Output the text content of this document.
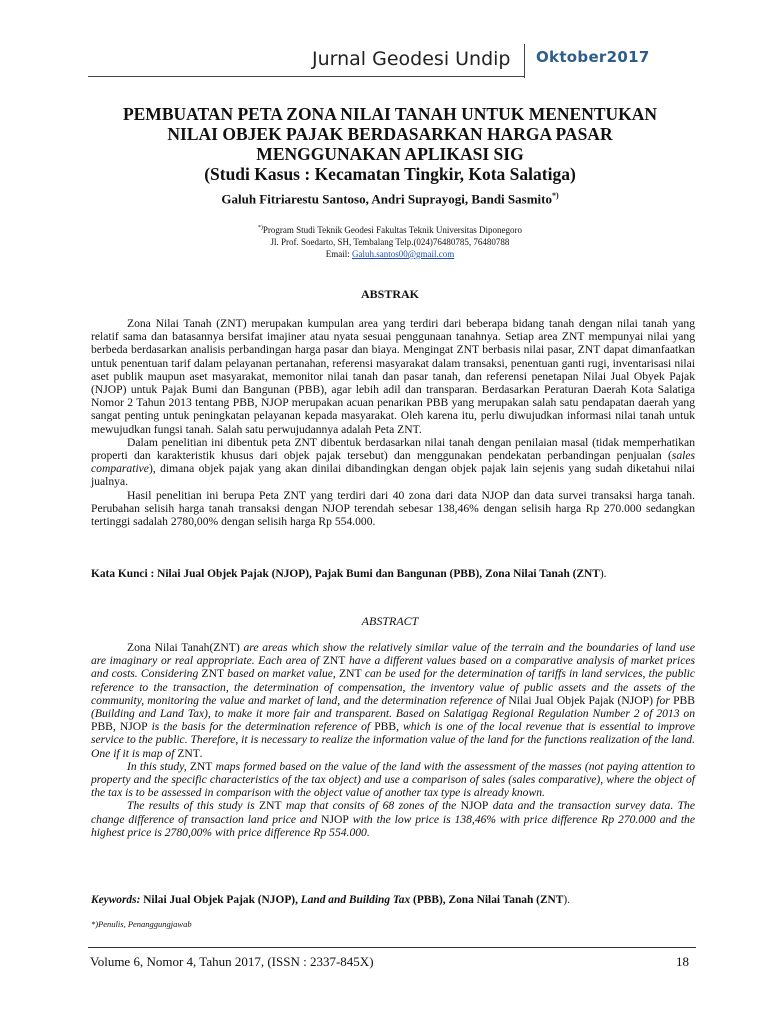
Jurnal Geodesi Undip Oktober2017
PEMBUATAN PETA ZONA NILAI TANAH UNTUK MENENTUKAN
NILAI OBJEK PAJAK BERDASARKAN HARGA PASAR
MENGGUNAKAN APLIKASI SIG
(Studi Kasus : Kecamatan Tingkir, Kota Salatiga)
Galuh Fitriarestu Santoso, Andri Suprayogi, Bandi Sasmito*)
*)Program Studi Teknik Geodesi Fakultas Teknik Universitas Diponegoro
Jl. Prof. Soedarto, SH, Tembalang Telp.(024)76480785, 76480788
Email: Galuh.santos00@gmail.com
ABSTRAK

Zona Nilai Tanah (ZNT) merupakan kumpulan area yang terdiri dari beberapa bidang tanah dengan nilai tanah yang relatif sama dan batasannya bersifat imajiner atau nyata sesuai penggunaan tanahnya. Setiap area ZNT mempunyai nilai yang berbeda berdasarkan analisis perbandingan harga pasar dan biaya. Mengingat ZNT berbasis nilai pasar, ZNT dapat dimanfaatkan untuk penentuan tarif dalam pelayanan pertanahan, referensi masyarakat dalam transaksi, penentuan ganti rugi, inventarisasi nilai aset publik maupun aset masyarakat, memonitor nilai tanah dan pasar tanah, dan referensi penetapan Nilai Jual Obyek Pajak (NJOP) untuk Pajak Bumi dan Bangunan (PBB), agar lebih adil dan transparan. Berdasarkan Peraturan Daerah Kota Salatiga Nomor 2 Tahun 2013 tentang PBB, NJOP merupakan acuan penarikan PBB yang merupakan salah satu pendapatan daerah yang sangat penting untuk peningkatan pelayanan kepada masyarakat. Oleh karena itu, perlu diwujudkan informasi nilai tanah untuk mewujudkan fungsi tanah. Salah satu perwujudannya adalah Peta ZNT.

Dalam penelitian ini dibentuk peta ZNT dibentuk berdasarkan nilai tanah dengan penilaian masal (tidak memperhatikan properti dan karakteristik khusus dari objek pajak tersebut) dan menggunakan pendekatan perbandingan penjualan (sales comparative), dimana objek pajak yang akan dinilai dibandingkan dengan objek pajak lain sejenis yang sudah diketahui nilai jualnya.

Hasil penelitian ini berupa Peta ZNT yang terdiri dari 40 zona dari data NJOP dan data survei transaksi harga tanah. Perubahan selisih harga tanah transaksi dengan NJOP terendah sebesar 138,46% dengan selisih harga Rp 270.000 sedangkan tertinggi sadalah 2780,00% dengan selisih harga Rp 554.000.

Kata Kunci : Nilai Jual Objek Pajak (NJOP), Pajak Bumi dan Bangunan (PBB), Zona Nilai Tanah (ZNT).
ABSTRACT

Zona Nilai Tanah(ZNT) are areas which show the relatively similar value of the terrain and the boundaries of land use are imaginary or real appropriate. Each area of ZNT have a different values based on a comparative analysis of market prices and costs. Considering ZNT based on market value, ZNT can be used for the determination of tariffs in land services, the public reference to the transaction, the determination of compensation, the inventory value of public assets and the assets of the community, monitoring the value and market of land, and the determination reference of Nilai Jual Objek Pajak (NJOP) for PBB (Building and Land Tax), to make it more fair and transparent. Based on Salatigag Regional Regulation Number 2 of 2013 on PBB, NJOP is the basis for the determination reference of PBB, which is one of the local revenue that is essential to improve service to the public. Therefore, it is necessary to realize the information value of the land for the functions realization of the land. One if it is map of ZNT.

In this study, ZNT maps formed based on the value of the land with the assessment of the masses (not paying attention to property and the specific characteristics of the tax object) and use a comparison of sales (sales comparative), where the object of the tax is to be assessed in comparison with the object value of another tax type is already known.

The results of this study is ZNT map that consits of 68 zones of the NJOP data and the transaction survey data. The change difference of transaction land price and NJOP with the low price is 138,46% with price difference Rp 270.000 and the highest price is 2780,00% with price difference Rp 554.000.

Keywords: Nilai Jual Objek Pajak (NJOP), Land and Building Tax (PBB), Zona Nilai Tanah (ZNT).
*)Penulis, Penanggungjawab
Volume 6, Nomor 4, Tahun 2017, (ISSN : 2337-845X)	18
